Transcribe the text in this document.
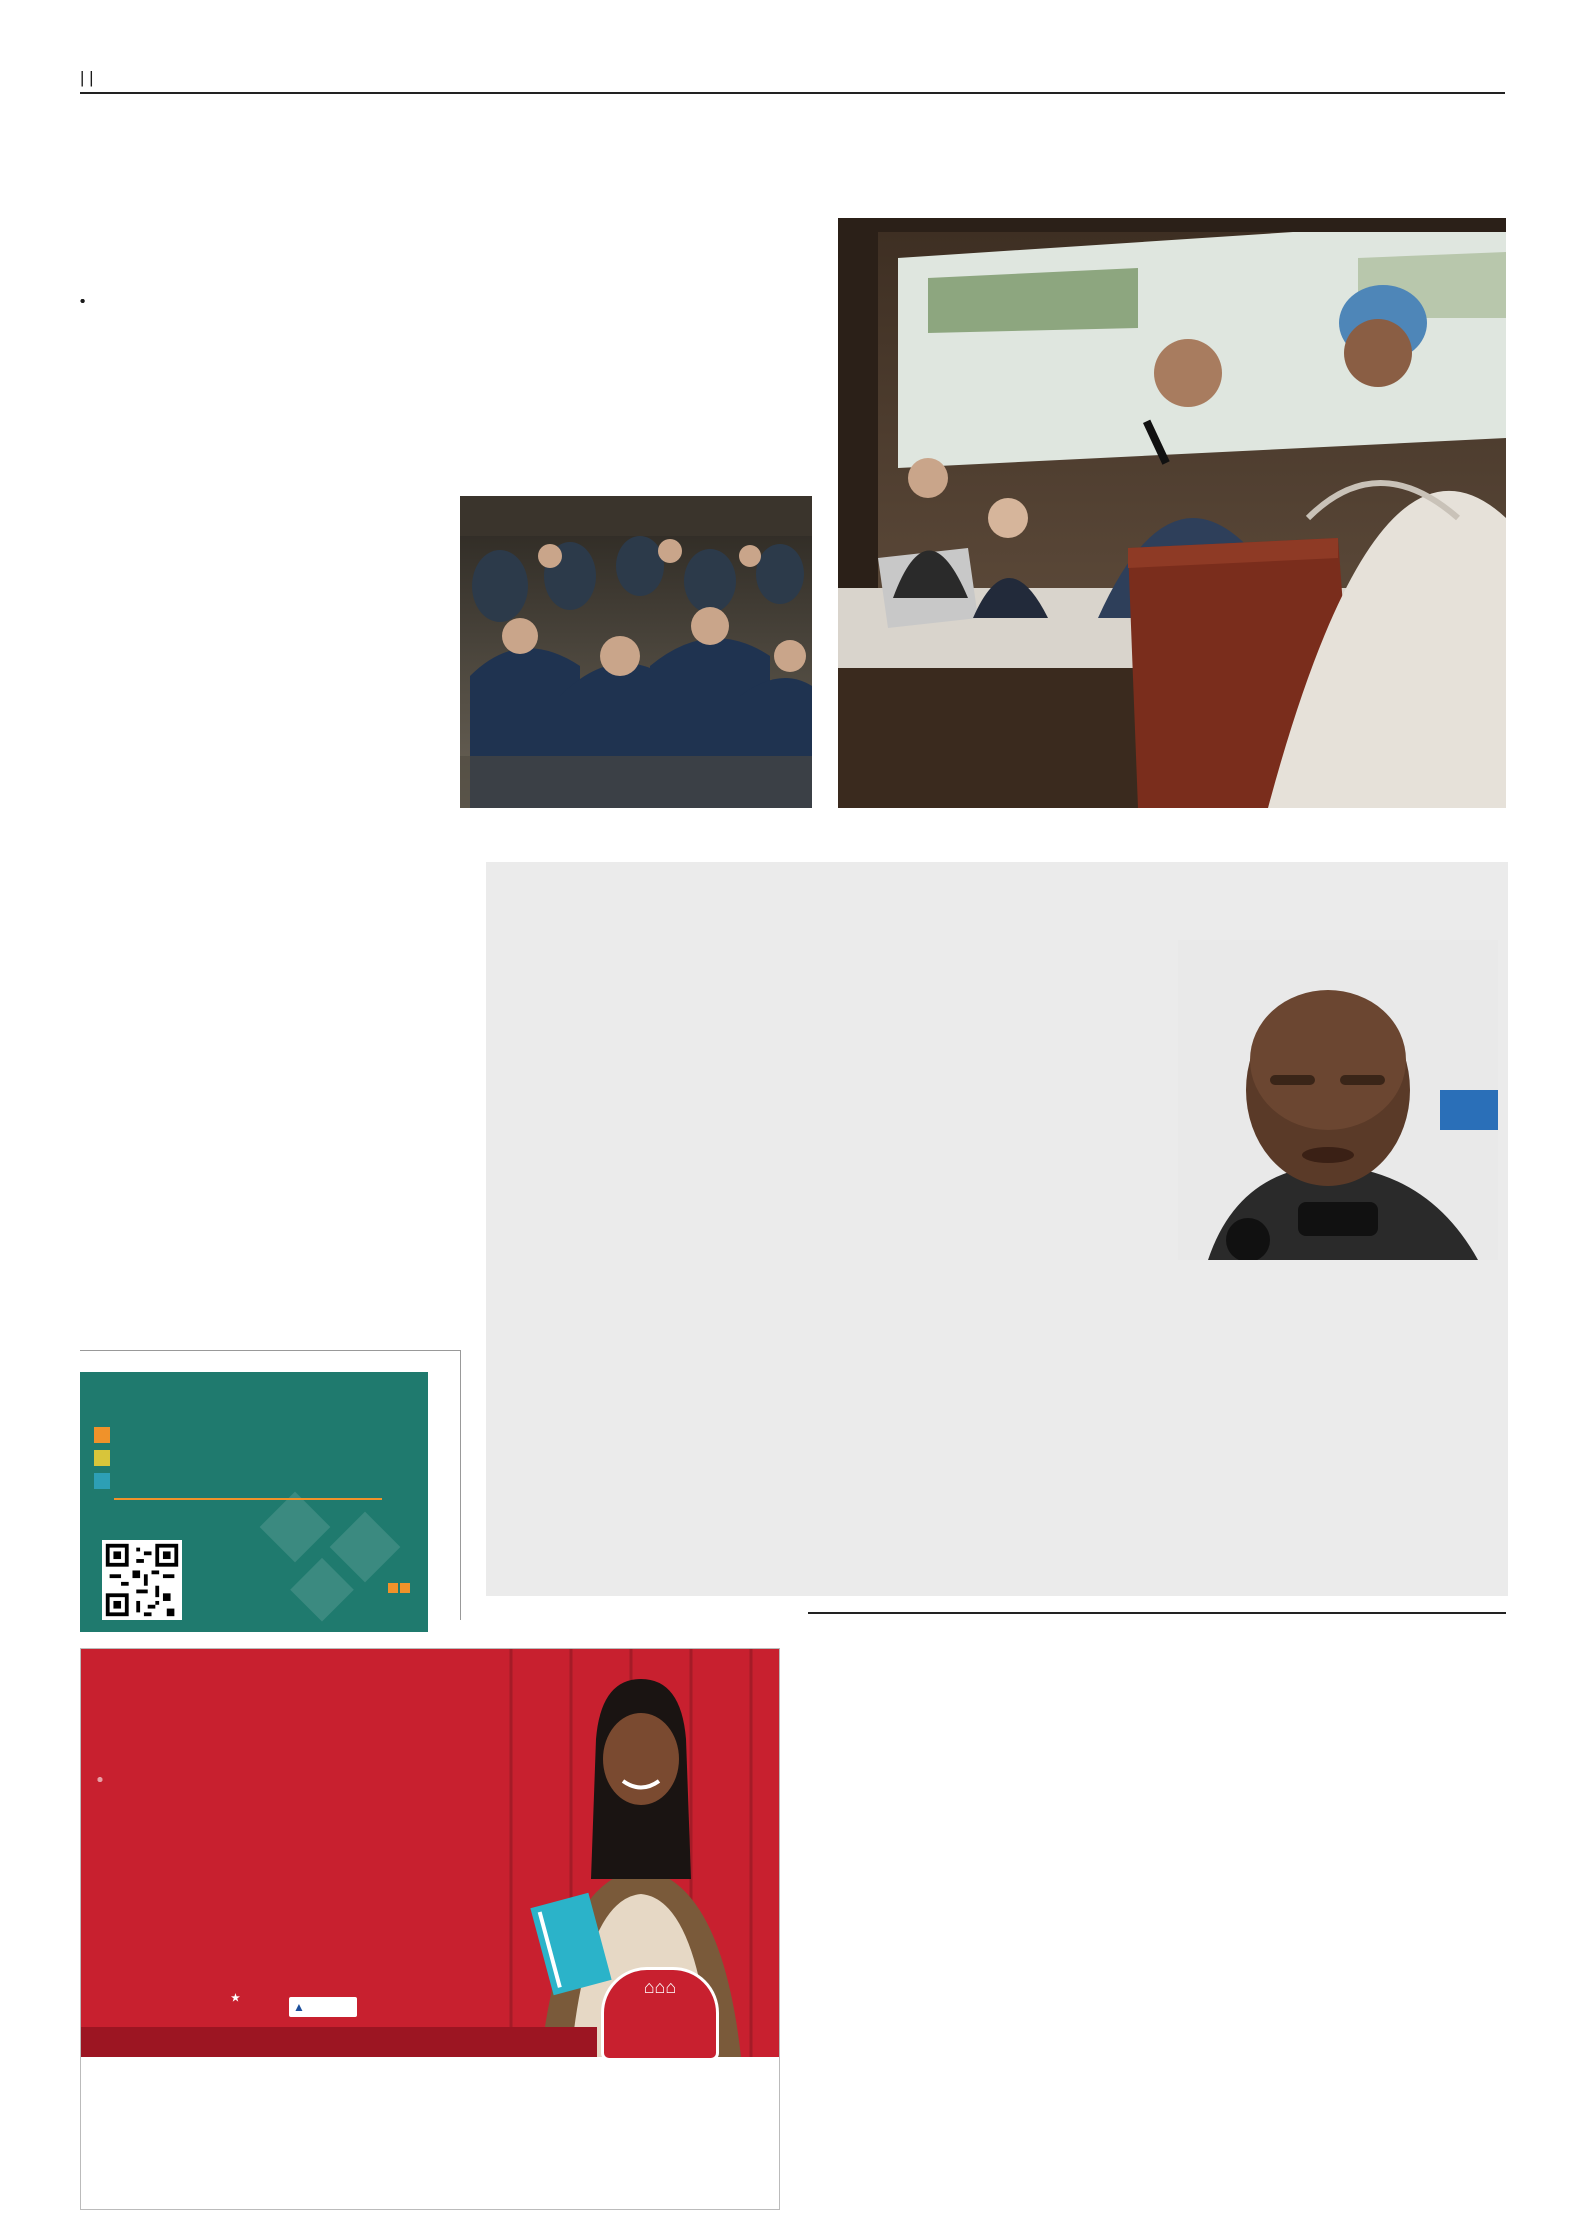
| |

★
▲
⌂⌂⌂
